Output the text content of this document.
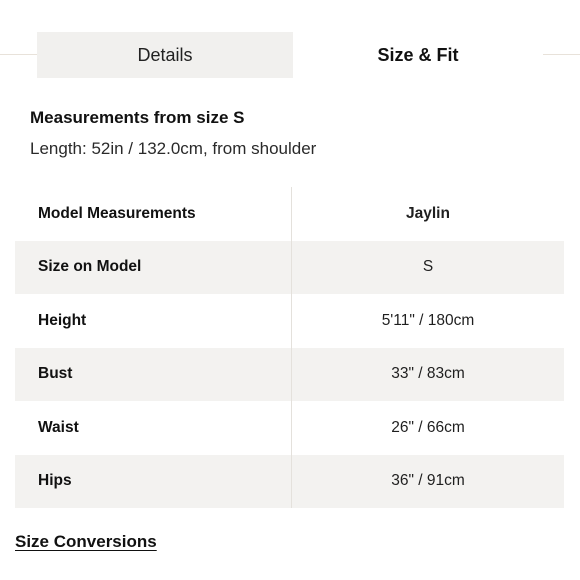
Details	Size & Fit
Measurements from size S
Length: 52in / 132.0cm, from shoulder
Model Measurements	Jaylin
Size on Model	S
Height	5'11" / 180cm
Bust	33" / 83cm
Waist	26" / 66cm
Hips	36" / 91cm
Size Conversions
